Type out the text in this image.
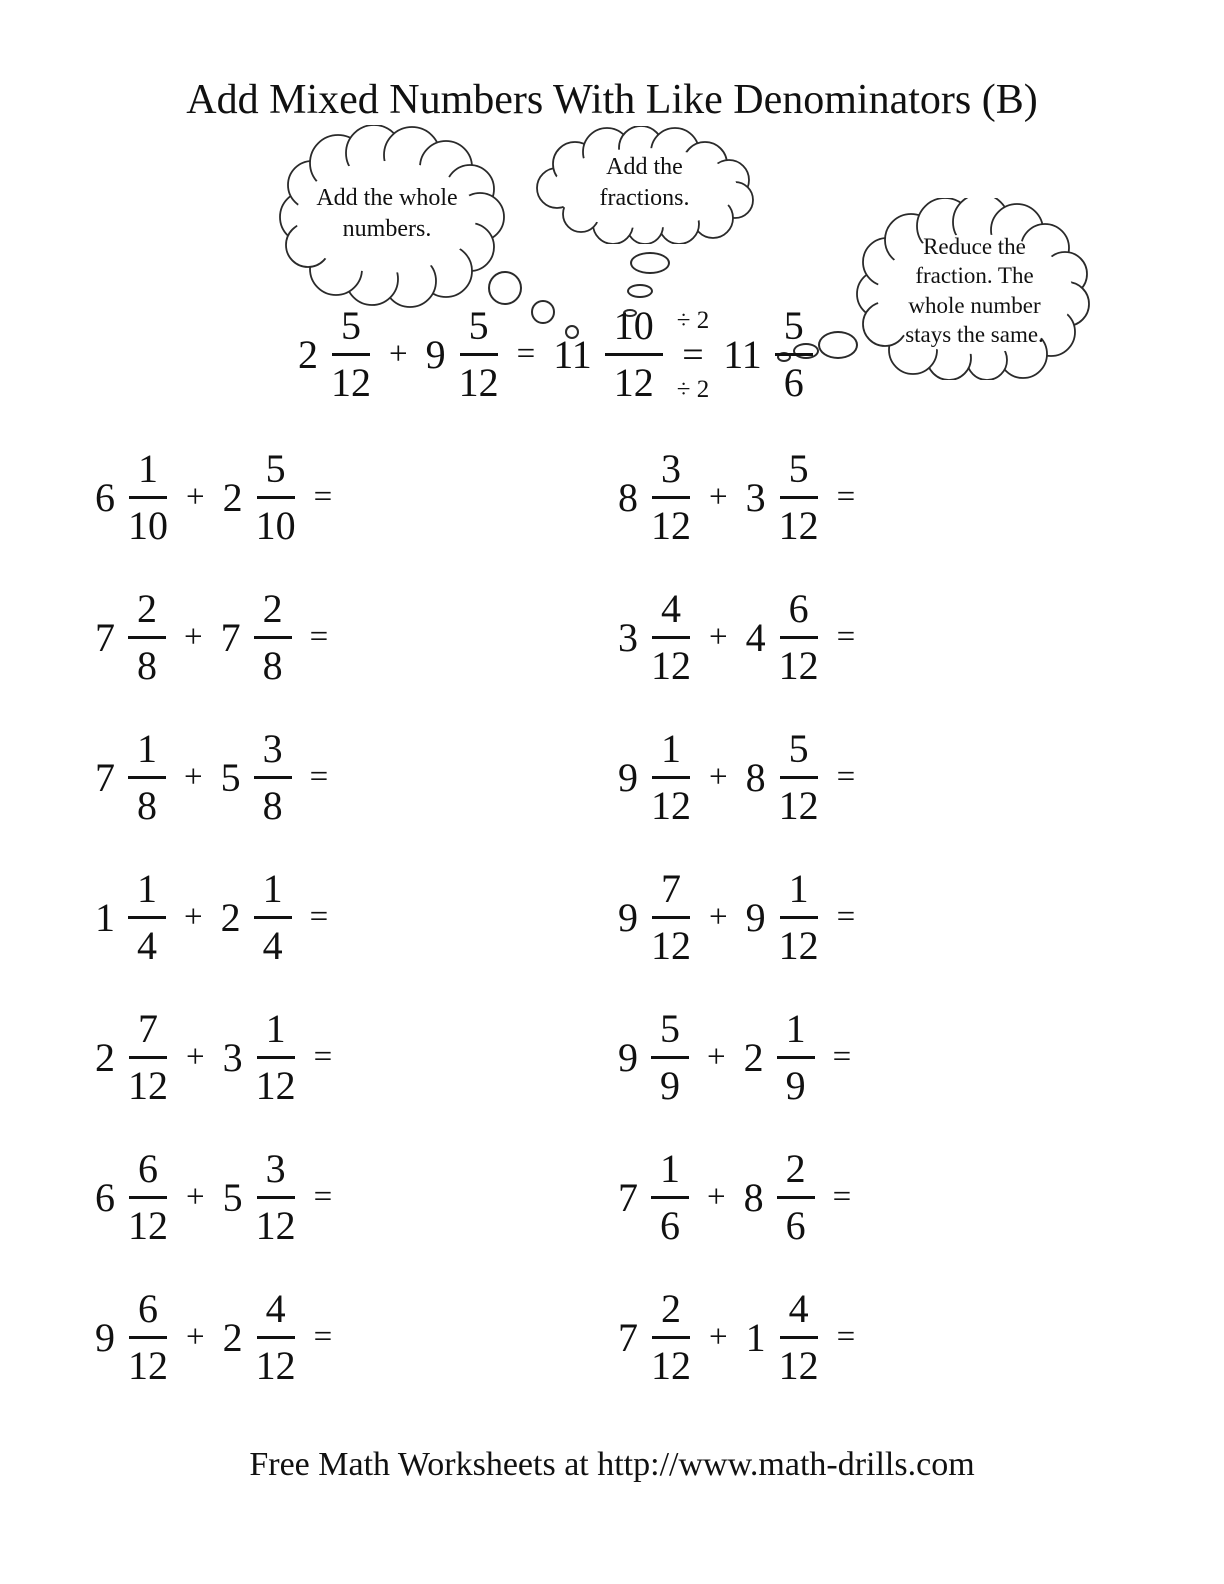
Add Mixed Numbers With Like Denominators (B)
Add the whole numbers.
Add the fractions.
Reduce the fraction. The whole number stays the same.
$2 \frac{5}{12} + 9 \frac{5}{12} = 11 \frac{10}{12} \div 2$
=
÷ 2
$11 \frac{5}{6}$
$6 \frac{1}{10} + 2 \frac{5}{10}$ =
$7 \frac{2}{8} + 7 \frac{2}{8}$ =
$7 \frac{1}{8} + 5 \frac{3}{8}$ =
$1 \frac{1}{4} + 2 \frac{1}{4}$ =
$2 \frac{7}{12} + 3 \frac{1}{12}$ =
$6 \frac{6}{12} + 5 \frac{3}{12}$ =
$9 \frac{6}{12} + 2 \frac{4}{12}$ =
$8 \frac{3}{12} + 3 \frac{5}{12}$ =
$3 \frac{4}{12} + 4 \frac{6}{12}$ =
$9 \frac{1}{12} + 8 \frac{5}{12}$ =
$9 \frac{7}{12} + 9 \frac{1}{12}$ =
$9 \frac{5}{9} + 2 \frac{1}{9}$ =
$7 \frac{1}{6} + 8 \frac{2}{6}$ =
$7 \frac{2}{12} + 1 \frac{4}{12}$ =
Free Math Worksheets at http://www.math-drills.com
